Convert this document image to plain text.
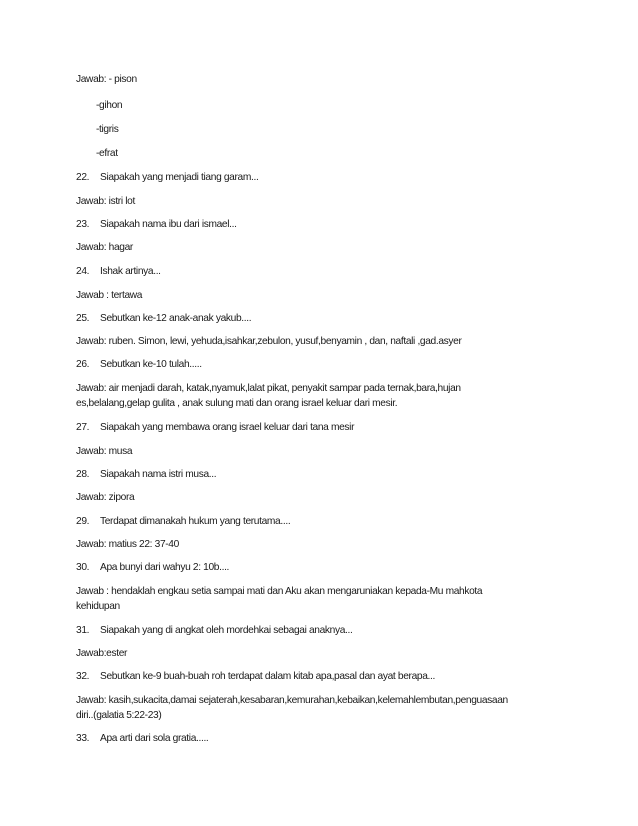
Jawab: - pison
-gihon
-tigris
-efrat
22. Siapakah yang menjadi tiang garam...
Jawab: istri lot
23. Siapakah nama ibu dari ismael...
Jawab: hagar
24. Ishak artinya...
Jawab : tertawa
25. Sebutkan ke-12 anak-anak yakub....
Jawab: ruben. Simon, lewi, yehuda,isahkar,zebulon, yusuf,benyamin , dan, naftali ,gad.asyer
26. Sebutkan ke-10 tulah.....
Jawab: air menjadi darah, katak,nyamuk,lalat pikat, penyakit sampar pada ternak,bara,hujan
es,belalang,gelap gulita , anak sulung mati dan orang israel keluar dari mesir.
27. Siapakah yang membawa orang israel keluar dari tana mesir
Jawab: musa
28. Siapakah nama istri musa...
Jawab: zipora
29. Terdapat dimanakah hukum yang terutama....
Jawab: matius 22: 37-40
30. Apa bunyi dari wahyu 2: 10b....
Jawab : hendaklah engkau setia sampai mati dan Aku akan mengaruniakan kepada-Mu mahkota
kehidupan
31. Siapakah yang di angkat oleh mordehkai sebagai anaknya...
Jawab:ester
32. Sebutkan ke-9 buah-buah roh terdapat dalam kitab apa,pasal dan ayat berapa...
Jawab: kasih,sukacita,damai sejaterah,kesabaran,kemurahan,kebaikan,kelemahlembutan,penguasaan
diri..(galatia 5:22-23)
33. Apa arti dari sola gratia.....
